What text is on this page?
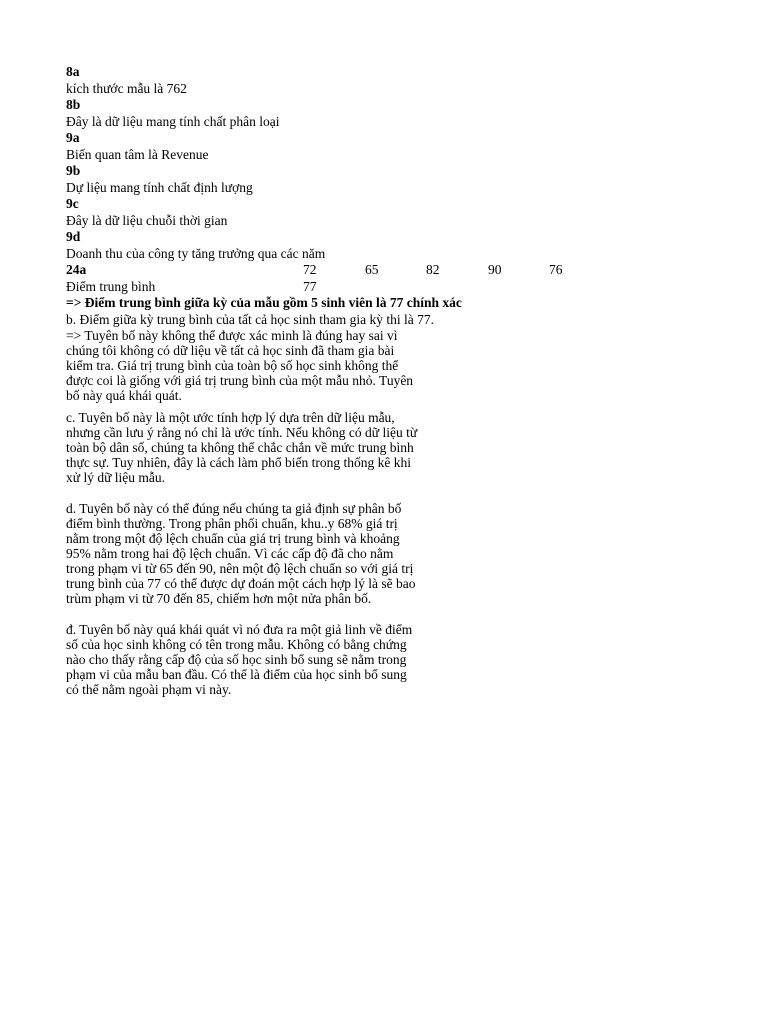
8a
kích thước mẫu là 762
8b
Đây là dữ liệu mang tính chất phân loại
9a
Biến quan tâm là Revenue
9b
Dự liệu mang tính chất định lượng
9c
Đây là dữ liệu chuỗi thời gian
9d
Doanh thu của công ty tăng trưởng qua các năm
24a	72	65	82	90	76
Điểm trung bình	77
=> Điểm trung bình giữa kỳ của mẫu gồm 5 sinh viên là 77 chính xác
b. Điểm giữa kỳ trung bình của tất cả học sinh tham gia kỳ thi là 77.
=> Tuyên bố này không thể được xác minh là đúng hay sai vì
chúng tôi không có dữ liệu về tất cả học sinh đã tham gia bài
kiểm tra. Giá trị trung bình của toàn bộ số học sinh không thể
được coi là giống với giá trị trung bình của một mẫu nhỏ. Tuyên
bố này quá khái quát.
c. Tuyên bố này là một ước tính hợp lý dựa trên dữ liệu mẫu,
nhưng cần lưu ý rằng nó chỉ là ước tính. Nếu không có dữ liệu từ
toàn bộ dân số, chúng ta không thể chắc chắn về mức trung bình
thực sự. Tuy nhiên, đây là cách làm phổ biến trong thống kê khi
xử lý dữ liệu mẫu.
d. Tuyên bố này có thể đúng nếu chúng ta giả định sự phân bố
điểm bình thường. Trong phân phối chuẩn, khu..y 68% giá trị
nằm trong một độ lệch chuẩn của giá trị trung bình và khoảng
95% nằm trong hai độ lệch chuẩn. Vì các cấp độ đã cho nằm
trong phạm vi từ 65 đến 90, nên một độ lệch chuẩn so với giá trị
trung bình của 77 có thể được dự đoán một cách hợp lý là sẽ bao
trùm phạm vi từ 70 đến 85, chiếm hơn một nửa phân bố.
đ. Tuyên bố này quá khái quát vì nó đưa ra một giả linh về điểm
số của học sinh không có tên trong mẫu. Không có bằng chứng
nào cho thấy rằng cấp độ của số học sinh bổ sung sẽ nằm trong
phạm vi của mẫu ban đầu. Có thể là điểm của học sinh bổ sung
có thể nằm ngoài phạm vi này.
